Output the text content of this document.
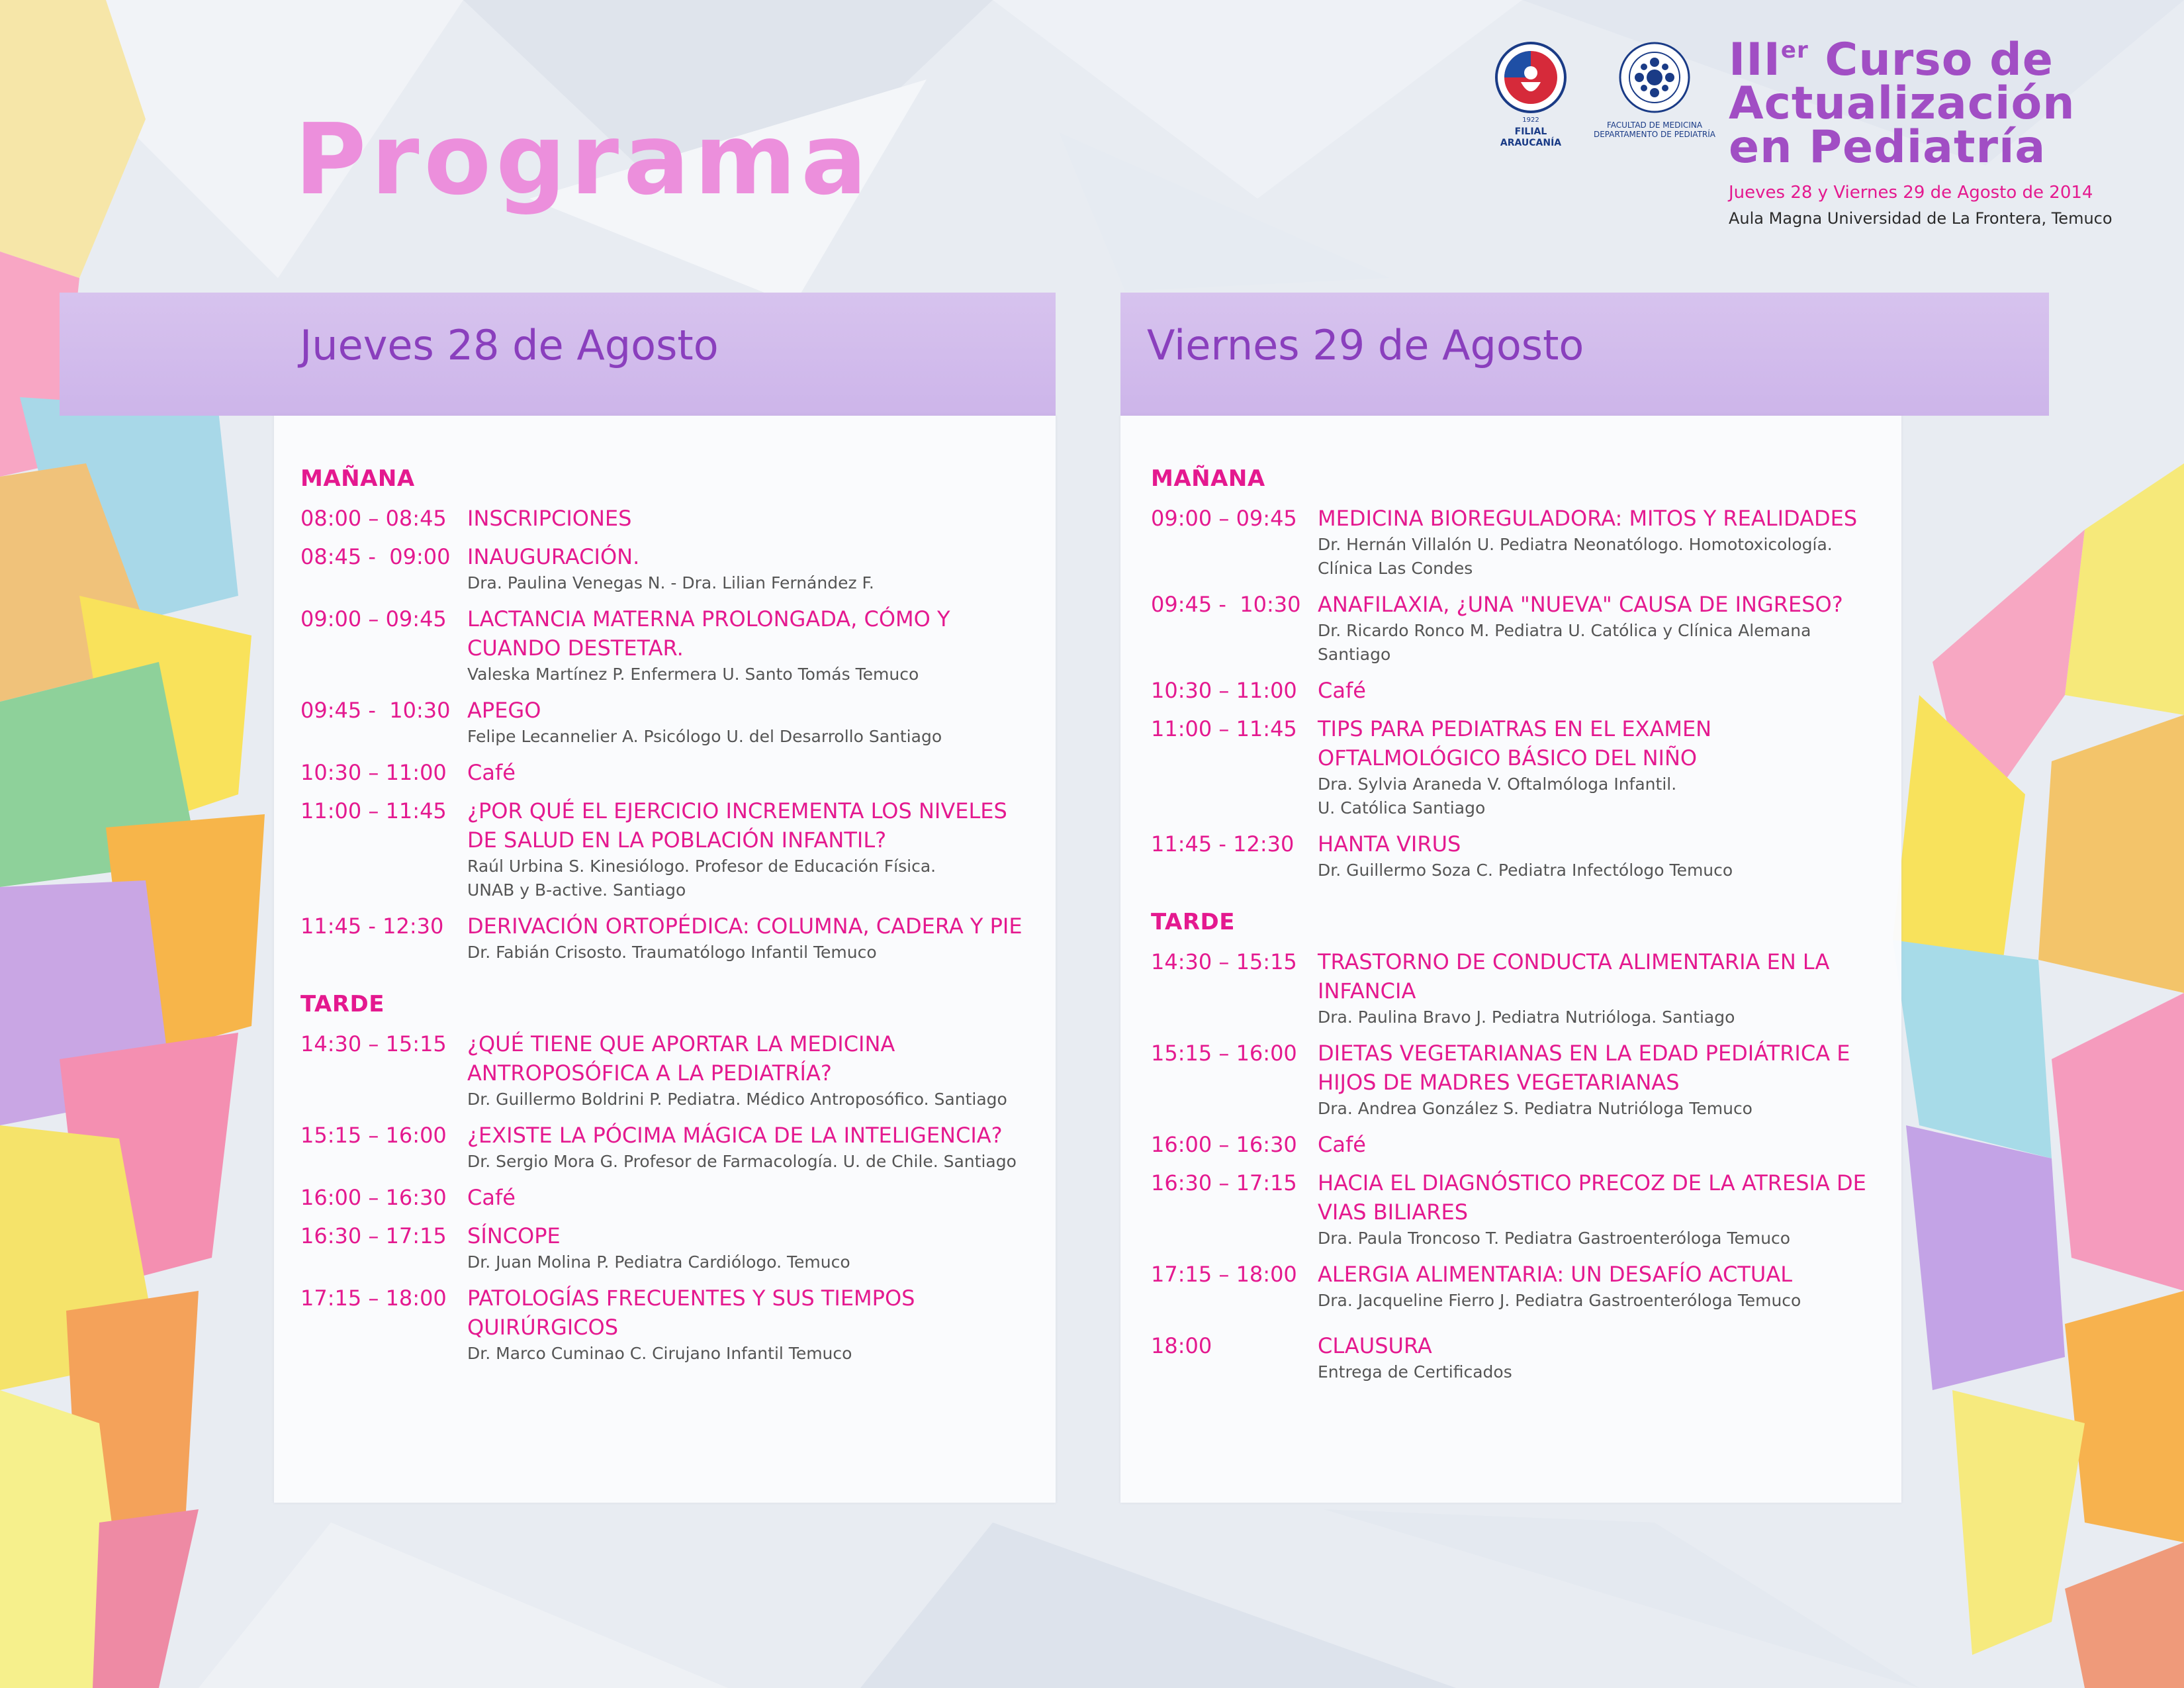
Programa	1922
FILIAL ARAUCANÍA
FACULTAD DE MEDICINA
DEPARTAMENTO DE PEDIATRÍA
IIIer Curso de
Actualización
en Pediatría
Jueves 28 y Viernes 29 de Agosto de 2014
Aula Magna Universidad de La Frontera, Temuco
Jueves 28 de Agosto
MAÑANA
08:00 – 08:45 INSCRIPCIONES
08:45 -  09:00 INAUGURACIÓN.
Dra. Paulina Venegas N. - Dra. Lilian Fernández F.
09:00 – 09:45 LACTANCIA MATERNA PROLONGADA, CÓMO Y CUANDO DESTETAR.
Valeska Martínez P. Enfermera U. Santo Tomás Temuco
09:45 -  10:30 APEGO
Felipe Lecannelier A. Psicólogo U. del Desarrollo Santiago
10:30 – 11:00 Café
11:00 – 11:45 ¿POR QUÉ EL EJERCICIO INCREMENTA LOS NIVELES DE SALUD EN LA POBLACIÓN INFANTIL?
Raúl Urbina S. Kinesiólogo. Profesor de Educación Física.
UNAB y B-active. Santiago
11:45 - 12:30	DERIVACIÓN ORTOPÉDICA: COLUMNA, CADERA Y PIE
Dr. Fabián Crisosto. Traumatólogo Infantil Temuco
TARDE
14:30 – 15:15 ¿QUÉ TIENE QUE APORTAR LA MEDICINA ANTROPOSÓFICA A LA PEDIATRÍA?
Dr. Guillermo Boldrini P. Pediatra. Médico Antroposófico. Santiago
15:15 – 16:00 ¿EXISTE LA PÓCIMA MÁGICA DE LA INTELIGENCIA?
Dr. Sergio Mora G. Profesor de Farmacología. U. de Chile. Santiago
16:00 – 16:30 Café
16:30 – 17:15 SÍNCOPE
Dr. Juan Molina P. Pediatra Cardiólogo. Temuco
17:15 – 18:00 PATOLOGÍAS FRECUENTES Y SUS TIEMPOS QUIRÚRGICOS
Dr. Marco Cuminao C. Cirujano Infantil Temuco
Viernes 29 de Agosto
MAÑANA
09:00 – 09:45 MEDICINA BIOREGULADORA: MITOS Y REALIDADES
Dr. Hernán Villalón U. Pediatra Neonatólogo. Homotoxicología.
Clínica Las Condes
09:45 -  10:30 ANAFILAXIA, ¿UNA "NUEVA" CAUSA DE INGRESO?
Dr. Ricardo Ronco M. Pediatra U. Católica y Clínica Alemana
Santiago
10:30 – 11:00 Café
11:00 – 11:45 TIPS PARA PEDIATRAS EN EL EXAMEN OFTALMOLÓGICO BÁSICO DEL NIÑO
Dra. Sylvia Araneda V. Oftalmóloga Infantil.
U. Católica Santiago
11:45 - 12:30	HANTA VIRUS
Dr. Guillermo Soza C. Pediatra Infectólogo Temuco
TARDE
14:30 – 15:15 TRASTORNO DE CONDUCTA ALIMENTARIA EN LA INFANCIA
Dra. Paulina Bravo J. Pediatra Nutrióloga. Santiago
15:15 – 16:00 DIETAS VEGETARIANAS EN LA EDAD PEDIÁTRICA E HIJOS DE MADRES VEGETARIANAS
Dra. Andrea González S. Pediatra Nutrióloga Temuco
16:00 – 16:30 Café
16:30 – 17:15 HACIA EL DIAGNÓSTICO PRECOZ DE LA ATRESIA DE VIAS BILIARES
Dra. Paula Troncoso T. Pediatra Gastroenteróloga Temuco
17:15 – 18:00 ALERGIA ALIMENTARIA: UN DESAFÍO ACTUAL
Dra. Jacqueline Fierro J. Pediatra Gastroenteróloga Temuco
18:00	CLAUSURA
Entrega de Certificados
